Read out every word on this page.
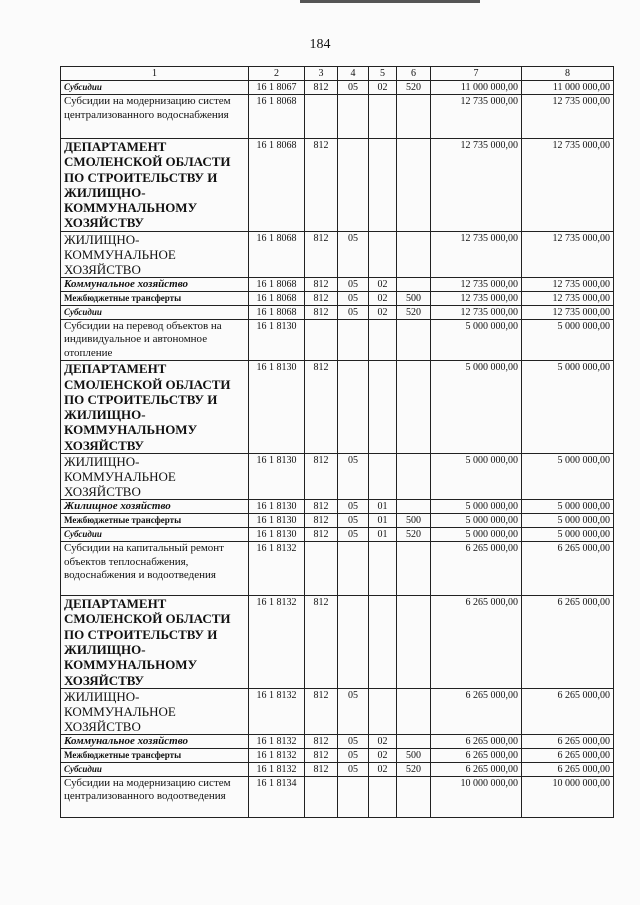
184
1	2	3	4	5	6	7	8
Субсидии	16 1 8067	812	05	02	520	11 000 000,00	11 000 000,00
Субсидии на модернизацию систем централизованного водоснабжения	16 1 8068					12 735 000,00	12 735 000,00
ДЕПАРТАМЕНТ СМОЛЕНСКОЙ ОБЛАСТИ ПО СТРОИТЕЛЬСТВУ И ЖИЛИЩНО-КОММУНАЛЬНОМУ ХОЗЯЙСТВУ	16 1 8068	812				12 735 000,00	12 735 000,00
ЖИЛИЩНО-КОММУНАЛЬНОЕ ХОЗЯЙСТВО	16 1 8068	812	05			12 735 000,00	12 735 000,00
Коммунальное хозяйство	16 1 8068	812	05	02		12 735 000,00	12 735 000,00
Межбюджетные трансферты	16 1 8068	812	05	02	500	12 735 000,00	12 735 000,00
Субсидии	16 1 8068	812	05	02	520	12 735 000,00	12 735 000,00
Субсидии на перевод объектов на индивидуальное и автономное отопление	16 1 8130					5 000 000,00	5 000 000,00
ДЕПАРТАМЕНТ СМОЛЕНСКОЙ ОБЛАСТИ ПО СТРОИТЕЛЬСТВУ И ЖИЛИЩНО-КОММУНАЛЬНОМУ ХОЗЯЙСТВУ	16 1 8130	812				5 000 000,00	5 000 000,00
ЖИЛИЩНО-КОММУНАЛЬНОЕ ХОЗЯЙСТВО	16 1 8130	812	05			5 000 000,00	5 000 000,00
Жилищное хозяйство	16 1 8130	812	05	01		5 000 000,00	5 000 000,00
Межбюджетные трансферты	16 1 8130	812	05	01	500	5 000 000,00	5 000 000,00
Субсидии	16 1 8130	812	05	01	520	5 000 000,00	5 000 000,00
Субсидии на капитальный ремонт объектов теплоснабжения, водоснабжения и водоотведения	16 1 8132					6 265 000,00	6 265 000,00
ДЕПАРТАМЕНТ СМОЛЕНСКОЙ ОБЛАСТИ ПО СТРОИТЕЛЬСТВУ И ЖИЛИЩНО-КОММУНАЛЬНОМУ ХОЗЯЙСТВУ	16 1 8132	812				6 265 000,00	6 265 000,00
ЖИЛИЩНО-КОММУНАЛЬНОЕ ХОЗЯЙСТВО	16 1 8132	812	05			6 265 000,00	6 265 000,00
Коммунальное хозяйство	16 1 8132	812	05	02		6 265 000,00	6 265 000,00
Межбюджетные трансферты	16 1 8132	812	05	02	500	6 265 000,00	6 265 000,00
Субсидии	16 1 8132	812	05	02	520	6 265 000,00	6 265 000,00
Субсидии на модернизацию систем централизованного водоотведения	16 1 8134					10 000 000,00	10 000 000,00
